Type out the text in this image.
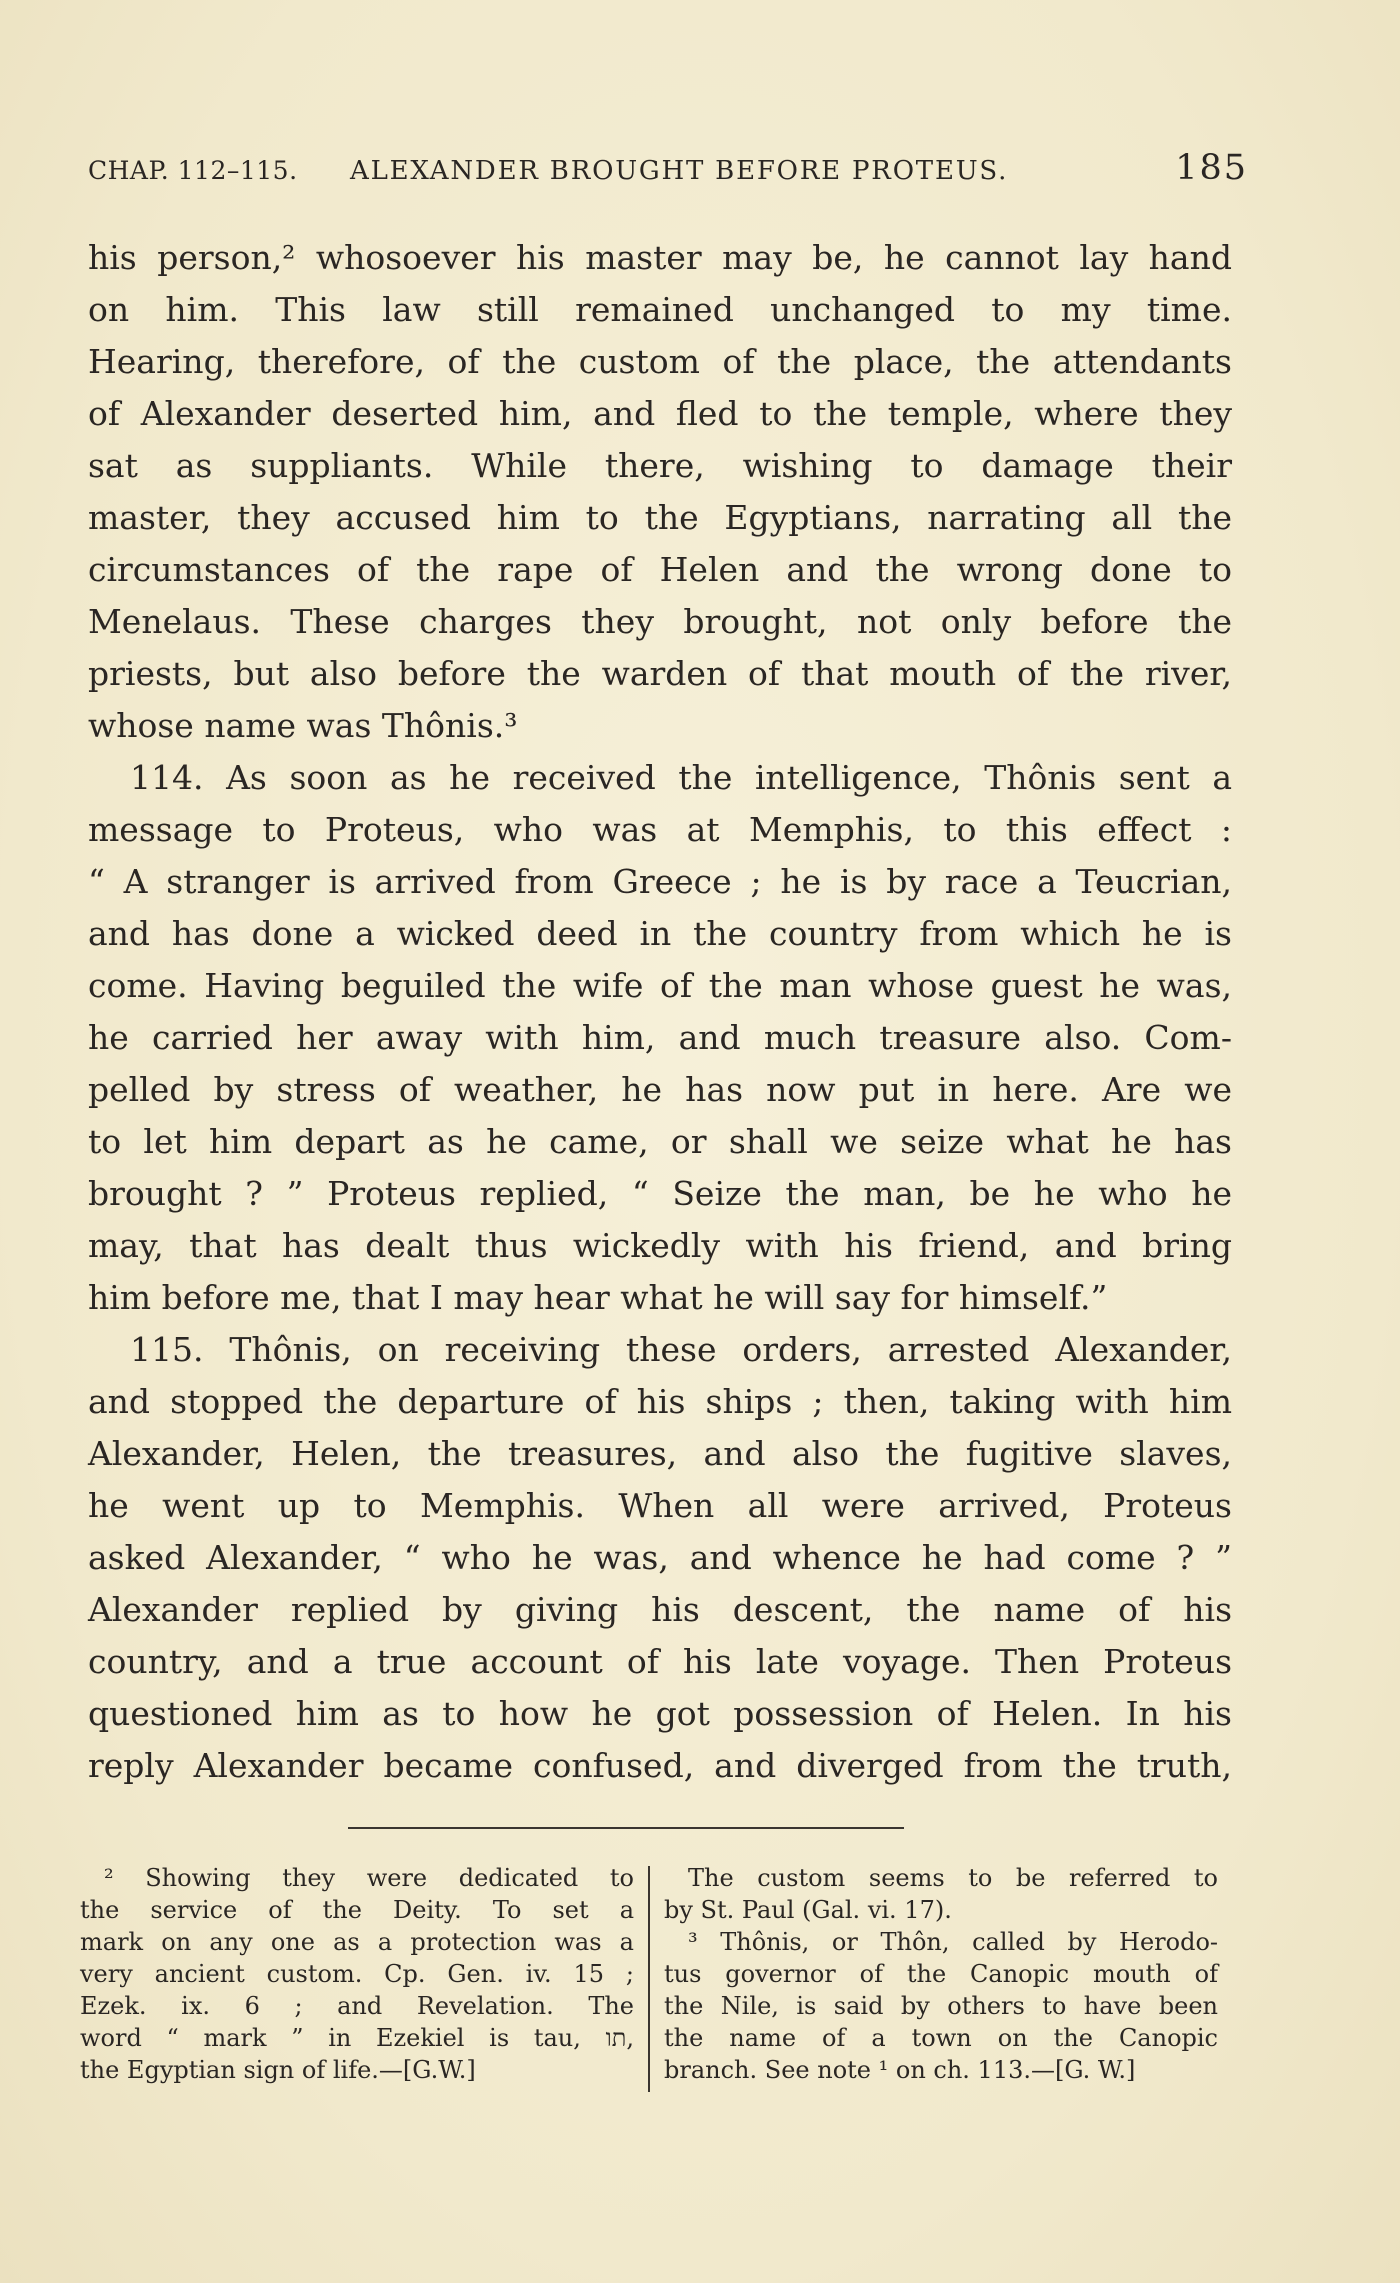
CHAP. 112–115. ALEXANDER BROUGHT BEFORE PROTEUS.	185
his person,² whosoever his master may be, he cannot lay hand
on him. This law still remained unchanged to my time.
Hearing, therefore, of the custom of the place, the attendants
of Alexander deserted him, and fled to the temple, where they
sat as suppliants. While there, wishing to damage their
master, they accused him to the Egyptians, narrating all the
circumstances of the rape of Helen and the wrong done to
Menelaus. These charges they brought, not only before the
priests, but also before the warden of that mouth of the river,
whose name was Thônis.³
114. As soon as he received the intelligence, Thônis sent a
message to Proteus, who was at Memphis, to this effect :
“ A stranger is arrived from Greece ; he is by race a Teucrian,
and has done a wicked deed in the country from which he is
come. Having beguiled the wife of the man whose guest he was,
he carried her away with him, and much treasure also. Com-
pelled by stress of weather, he has now put in here. Are we
to let him depart as he came, or shall we seize what he has
brought ? ” Proteus replied, “ Seize the man, be he who he
may, that has dealt thus wickedly with his friend, and bring
him before me, that I may hear what he will say for himself.”
115. Thônis, on receiving these orders, arrested Alexander,
and stopped the departure of his ships ; then, taking with him
Alexander, Helen, the treasures, and also the fugitive slaves,
he went up to Memphis. When all were arrived, Proteus
asked Alexander, “ who he was, and whence he had come ? ”
Alexander replied by giving his descent, the name of his
country, and a true account of his late voyage. Then Proteus
questioned him as to how he got possession of Helen. In his
reply Alexander became confused, and diverged from the truth,
² Showing they were dedicated to
the service of the Deity. To set a
mark on any one as a protection was a
very ancient custom. Cp. Gen. iv. 15 ;
Ezek. ix. 6 ; and Revelation. The
word “ mark ” in Ezekiel is tau, תו,
the Egyptian sign of life.—[G.W.]
The custom seems to be referred to
by St. Paul (Gal. vi. 17).
³ Thônis, or Thôn, called by Herodo-
tus governor of the Canopic mouth of
the Nile, is said by others to have been
the name of a town on the Canopic
branch. See note ¹ on ch. 113.—[G. W.]
